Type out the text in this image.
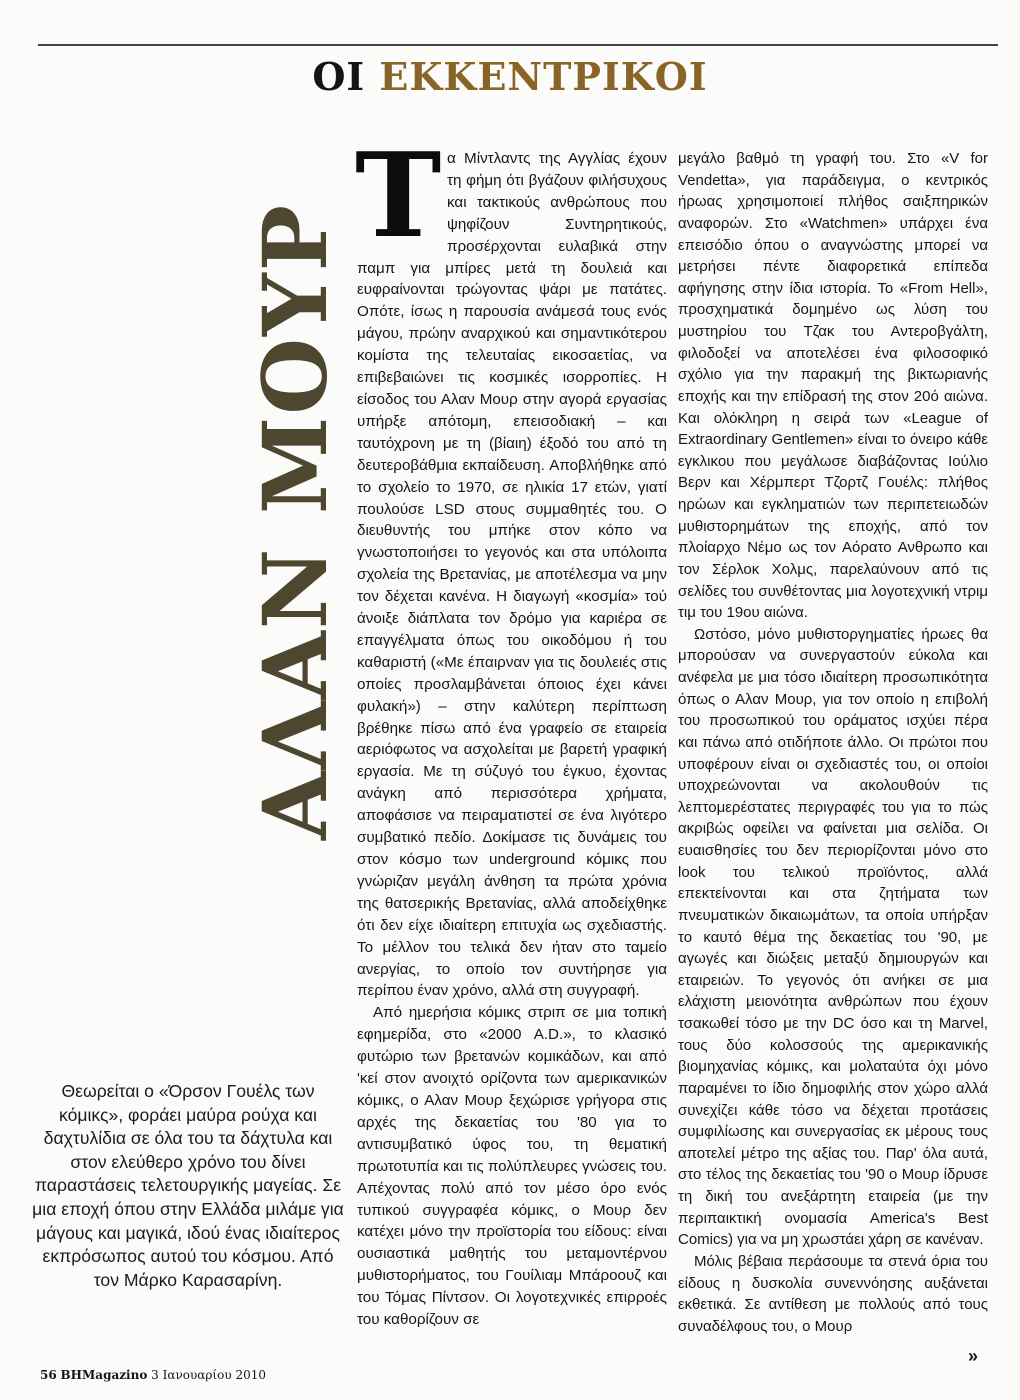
ΟΙ ΕΚΚΕΝΤΡΙΚΟΙ
ΑΛΑΝ ΜΟΥΡ
Τ α Μίντλαντς της Αγγλίας έχουν τη φήμη ότι βγάζουν φιλήσυχους και τακτικούς ανθρώπους που ψηφίζουν Συντηρητικούς, προσέρχονται ευλαβικά στην παμπ για μπίρες μετά τη δουλειά και ευφραίνονται τρώγοντας ψάρι με πατάτες. Οπότε, ίσως η παρουσία ανάμεσά τους ενός μάγου, πρώην αναρχικού και σημαντικότερου κομίστα της τελευταίας εικοσαετίας, να επιβεβαιώνει τις κοσμικές ισορροπίες. Η είσοδος του Αλαν Μουρ στην αγορά εργασίας υπήρξε απότομη, επεισοδιακή – και ταυτόχρονη με τη (βίαιη) έξοδό του από τη δευτεροβάθμια εκπαίδευση. Αποβλήθηκε από το σχολείο το 1970, σε ηλικία 17 ετών, γιατί πουλούσε LSD στους συμμαθητές του. Ο διευθυντής του μπήκε στον κόπο να γνωστοποιήσει το γεγονός και στα υπόλοιπα σχολεία της Βρετανίας, με αποτέλεσμα να μην τον δέχεται κανένα. Η διαγωγή «κοσμία» τού άνοιξε διάπλατα τον δρόμο για καριέρα σε επαγγέλματα όπως του οικοδόμου ή του καθαριστή («Με έπαιρναν για τις δουλειές στις οποίες προσλαμβάνεται όποιος έχει κάνει φυλακή») – στην καλύτερη περίπτωση βρέθηκε πίσω από ένα γραφείο σε εταιρεία αεριόφωτος να ασχολείται με βαρετή γραφική εργασία. Με τη σύζυγό του έγκυο, έχοντας ανάγκη από περισσότερα χρήματα, αποφάσισε να πειραματιστεί σε ένα λιγότερο συμβατικό πεδίο. Δοκίμασε τις δυνάμεις του στον κόσμο των underground κόμικς που γνώριζαν μεγάλη άνθηση τα πρώτα χρόνια της θατσερικής Βρετανίας, αλλά αποδείχθηκε ότι δεν είχε ιδιαίτερη επιτυχία ως σχεδιαστής. Το μέλλον του τελικά δεν ήταν στο ταμείο ανεργίας, το οποίο τον συντήρησε για περίπου έναν χρόνο, αλλά στη συγγραφή.

Από ημερήσια κόμικς στριπ σε μια τοπική εφημερίδα, στο «2000 A.D.», το κλασικό φυτώριο των βρετανών κομικάδων, και από 'κεί στον ανοιχτό ορίζοντα των αμερικανικών κόμικς, ο Αλαν Μουρ ξεχώρισε γρήγορα στις αρχές της δεκαετίας του '80 για το αντισυμβατικό ύφος του, τη θεματική πρωτοτυπία και τις πολύπλευρες γνώσεις του. Απέχοντας πολύ από τον μέσο όρο ενός τυπικού συγγραφέα κόμικς, ο Μουρ δεν κατέχει μόνο την προϊστορία του είδους: είναι ουσιαστικά μαθητής του μεταμοντέρνου μυθιστορήματος, του Γουίλιαμ Μπάροουζ και του Τόμας Πίντσον. Οι λογοτεχνικές επιρροές του καθορίζουν σε

μεγάλο βαθμό τη γραφή του. Στο «V for Vendetta», για παράδειγμα, ο κεντρικός ήρωας χρησιμοποιεί πλήθος σαιξπηρικών αναφορών. Στο «Watchmen» υπάρχει ένα επεισόδιο όπου ο αναγνώστης μπορεί να μετρήσει πέντε διαφορετικά επίπεδα αφήγησης στην ίδια ιστορία. Το «From Hell», προσχηματικά δομημένο ως λύση του μυστηρίου του Τζακ του Αντεροβγάλτη, φιλοδοξεί να αποτελέσει ένα φιλοσοφικό σχόλιο για την παρακμή της βικτωριανής εποχής και την επίδρασή της στον 20ό αιώνα. Και ολόκληρη η σειρά των «League of Extraordinary Gentlemen» είναι το όνειρο κάθε εγκλικου που μεγάλωσε διαβάζοντας Ιούλιο Βερν και Χέρμπερτ Τζορτζ Γουέλς: πλήθος ηρώων και εγκληματιών των περιπετειωδών μυθιστορημάτων της εποχής, από τον πλοίαρχο Νέμο ως τον Αόρατο Ανθρωπο και τον Σέρλοκ Χολμς, παρελαύνουν από τις σελίδες του συνθέτοντας μια λογοτεχνική ντριμ τιμ του 19ου αιώνα.

Ωστόσο, μόνο μυθιστοργηματίες ήρωες θα μπορούσαν να συνεργαστούν εύκολα και ανέφελα με μια τόσο ιδιαίτερη προσωπικότητα όπως ο Αλαν Μουρ, για τον οποίο η επιβολή του προσωπικού του οράματος ισχύει πέρα και πάνω από οτιδήποτε άλλο. Οι πρώτοι που υποφέρουν είναι οι σχεδιαστές του, οι οποίοι υποχρεώνονται να ακολουθούν τις λεπτομερέστατες περιγραφές του για το πώς ακριβώς οφείλει να φαίνεται μια σελίδα. Οι ευαισθησίες του δεν περιορίζονται μόνο στο look του τελικού προϊόντος, αλλά επεκτείνονται και στα ζητήματα των πνευματικών δικαιωμάτων, τα οποία υπήρξαν το καυτό θέμα της δεκαετίας του '90, με αγωγές και διώξεις μεταξύ δημιουργών και εταιρειών. Το γεγονός ότι ανήκει σε μια ελάχιστη μειονότητα ανθρώπων που έχουν τσακωθεί τόσο με την DC όσο και τη Marvel, τους δύο κολοσσούς της αμερικανικής βιομηχανίας κόμικς, και μολαταύτα όχι μόνο παραμένει το ίδιο δημοφιλής στον χώρο αλλά συνεχίζει κάθε τόσο να δέχεται προτάσεις συμφιλίωσης και συνεργασίας εκ μέρους τους αποτελεί μέτρο της αξίας του. Παρ' όλα αυτά, στο τέλος της δεκαετίας του '90 ο Μουρ ίδρυσε τη δική του ανεξάρτητη εταιρεία (με την περιπαικτική ονομασία America's Best Comics) για να μη χρωστάει χάρη σε κανέναν.

Μόλις βέβαια περάσουμε τα στενά όρια του είδους η δυσκολία συνεννόησης αυξάνεται εκθετικά. Σε αντίθεση με πολλούς από τους συναδέλφους του, ο Μουρ

Θεωρείται ο «Όρσον Γουέλς των κόμικς», φοράει μαύρα ρούχα και δαχτυλίδια σε όλα του τα δάχτυλα και στον ελεύθερο χρόνο του δίνει παραστάσεις τελετουργικής μαγείας. Σε μια εποχή όπου στην Ελλάδα μιλάμε για μάγους και μαγικά, ιδού ένας ιδιαίτερος εκπρόσωπος αυτού του κόσμου. Από τον Μάρκο Καρασαρίνη.
»
56 ΒΗΜagazino 3 Ιανουαρίου 2010
